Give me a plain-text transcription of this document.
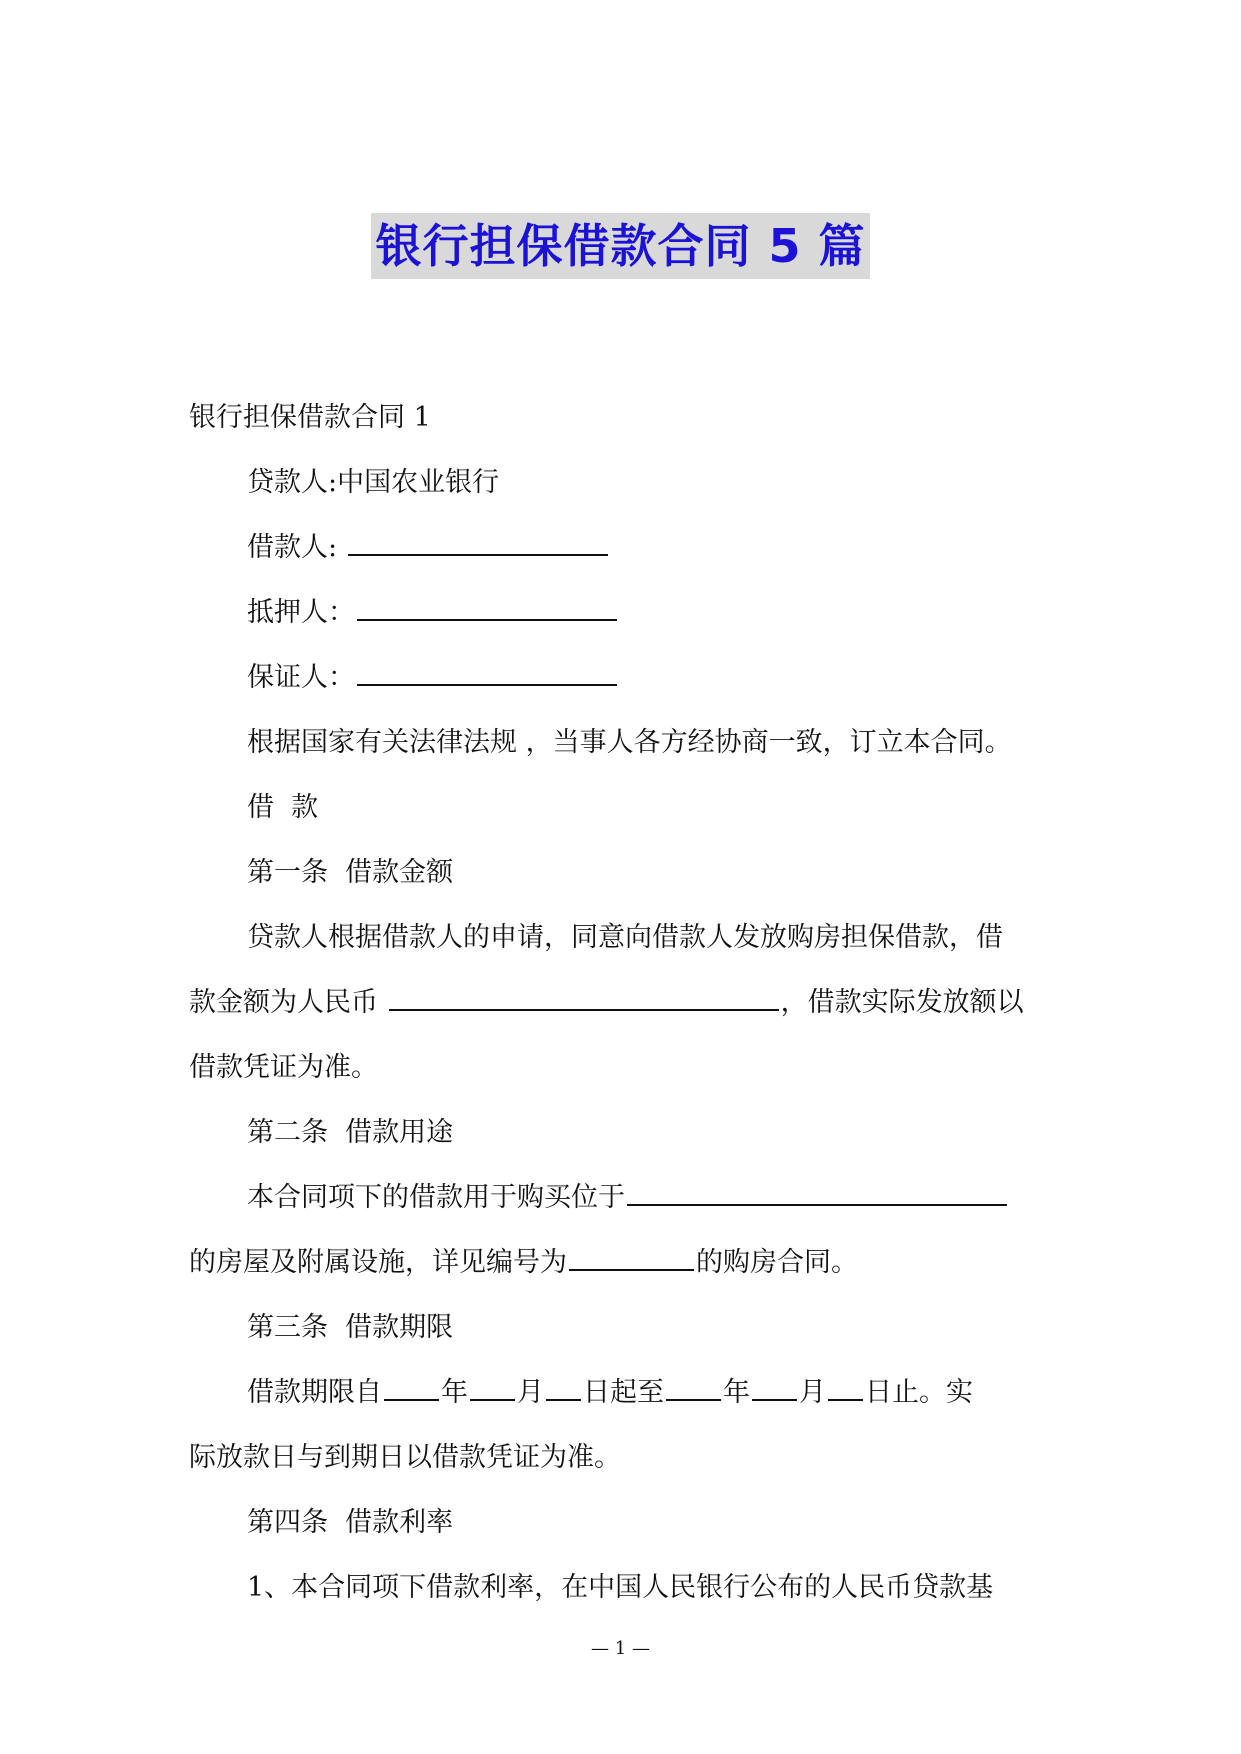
银行担保借款合同 5 篇

银行担保借款合同 1

贷款人:中国农业银行

借款人:

抵押人：

保证人：

根据国家有关法律法规 ，当事人各方经协商一致，订立本合同。

借  款

第一条  借款金额

贷款人根据借款人的申请，同意向借款人发放购房担保借款，借

款金额为人民币	，借款实际发放额以

借款凭证为准。

第二条  借款用途

本合同项下的借款用于购买位于

的房屋及附属设施，详见编号为	的购房合同。

第三条  借款期限

借款期限自 年 月 日起至 年 月 日止。实

际放款日与到期日以借款凭证为准。

第四条  借款利率

1、本合同项下借款利率，在中国人民银行公布的人民币贷款基

— 1 —
